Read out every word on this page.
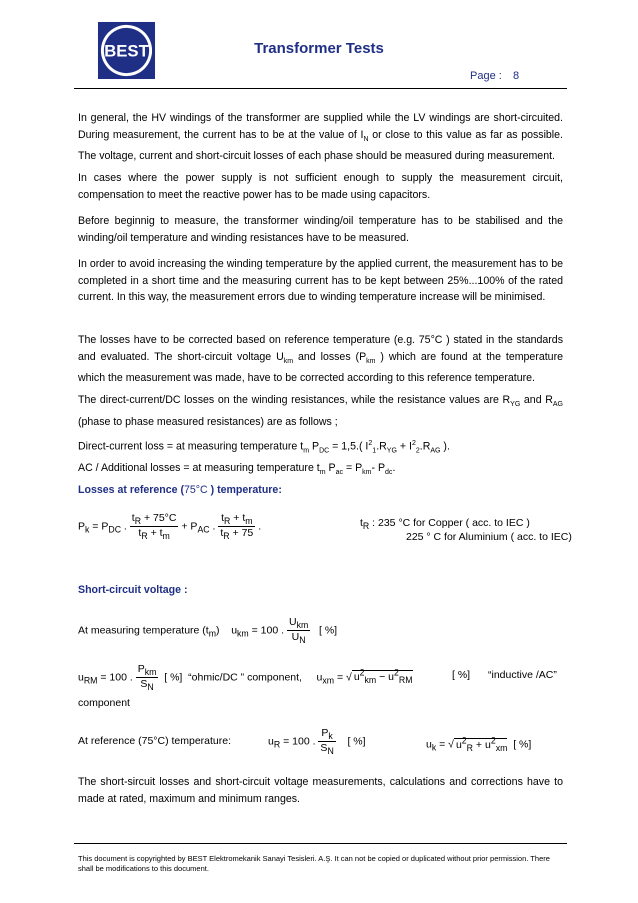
BEST	Transformer Tests
Page : 8
In general, the HV windings of the transformer are supplied while the LV windings are short-circuited. During measurement, the current has to be at the value of $I_N$ or close to this value as far as possible. The voltage, current and short-circuit losses of each phase should be measured during measurement.
In cases where the power supply is not sufficient enough to supply the measurement circuit, compensation to meet the reactive power has to be made using capacitors.
Before beginnig to measure, the transformer winding/oil temperature has to be stabilised and the winding/oil temperature and winding resistances have to be measured.
In order to avoid increasing the winding temperature by the applied current, the measurement has to be completed in a short time and the measuring current has to be kept between 25%...100% of the rated current. In this way, the measurement errors due to winding temperature increase will be minimised.
The losses have to be corrected based on reference temperature (e.g. 75°C ) stated in the standards and evaluated. The short-circuit voltage $U_{km}$ and losses ($P_{km}$ ) which are found at the temperature which the measurement was made, have to be corrected according to this reference temperature.
The direct-current/DC losses on the winding resistances, while the resistance values are $R_{YG}$ and $R_{AG}$ (phase to phase measured resistances) are as follows ;
Direct-current loss = at measuring temperature $t_m$ $P_{DC} = 1,5$.( $I^2_1.R_{YG} + I^2_2.R_{AG}$ ).
AC / Additional losses = at measuring temperature $t_m$ $P_{ac} = P_{km}-$ $P_{dc}$.
Losses at reference (75°C ) temperature:
$P_k = P_{DC}$ . $\frac{t_R + 75^\circ C}{t_R + t_m} + P_{AC}$ . $\frac{t_R + t_m}{t_R + 75}$ .	$t_R$ : 235 °C for Copper ( acc. to IEC )
225 ° C for Aluminium ( acc. to IEC)
Short-circuit voltage :
At measuring temperature $(t_m)$    $u_{km} = 100$ . $\frac{U_{km}}{U_N}$ [ %]
$u_{RM} = 100$ . $\frac{P_{km}}{S_N}$ [ %] “ohmic/DC ” component,     $u_{xm}$ = √ $u^2_{km} - u^2_{RM}$	[ %] “inductive /AC”
component
At reference (75°C) temperature:	$u_R = 100$ . $\frac{P_k}{S_N}$ [ %]	$u_k$ = √ $u^2_R + u^2_{xm}$ [ %]
The short-sircuit losses and short-circuit voltage measurements, calculations and corrections have to made at rated, maximum and minimum ranges.
This document is copyrighted by BEST Elektromekanik Sanayi Tesisleri. A.Ş. It can not be copied or duplicated without prior permission. There shall be modifications to this document.
